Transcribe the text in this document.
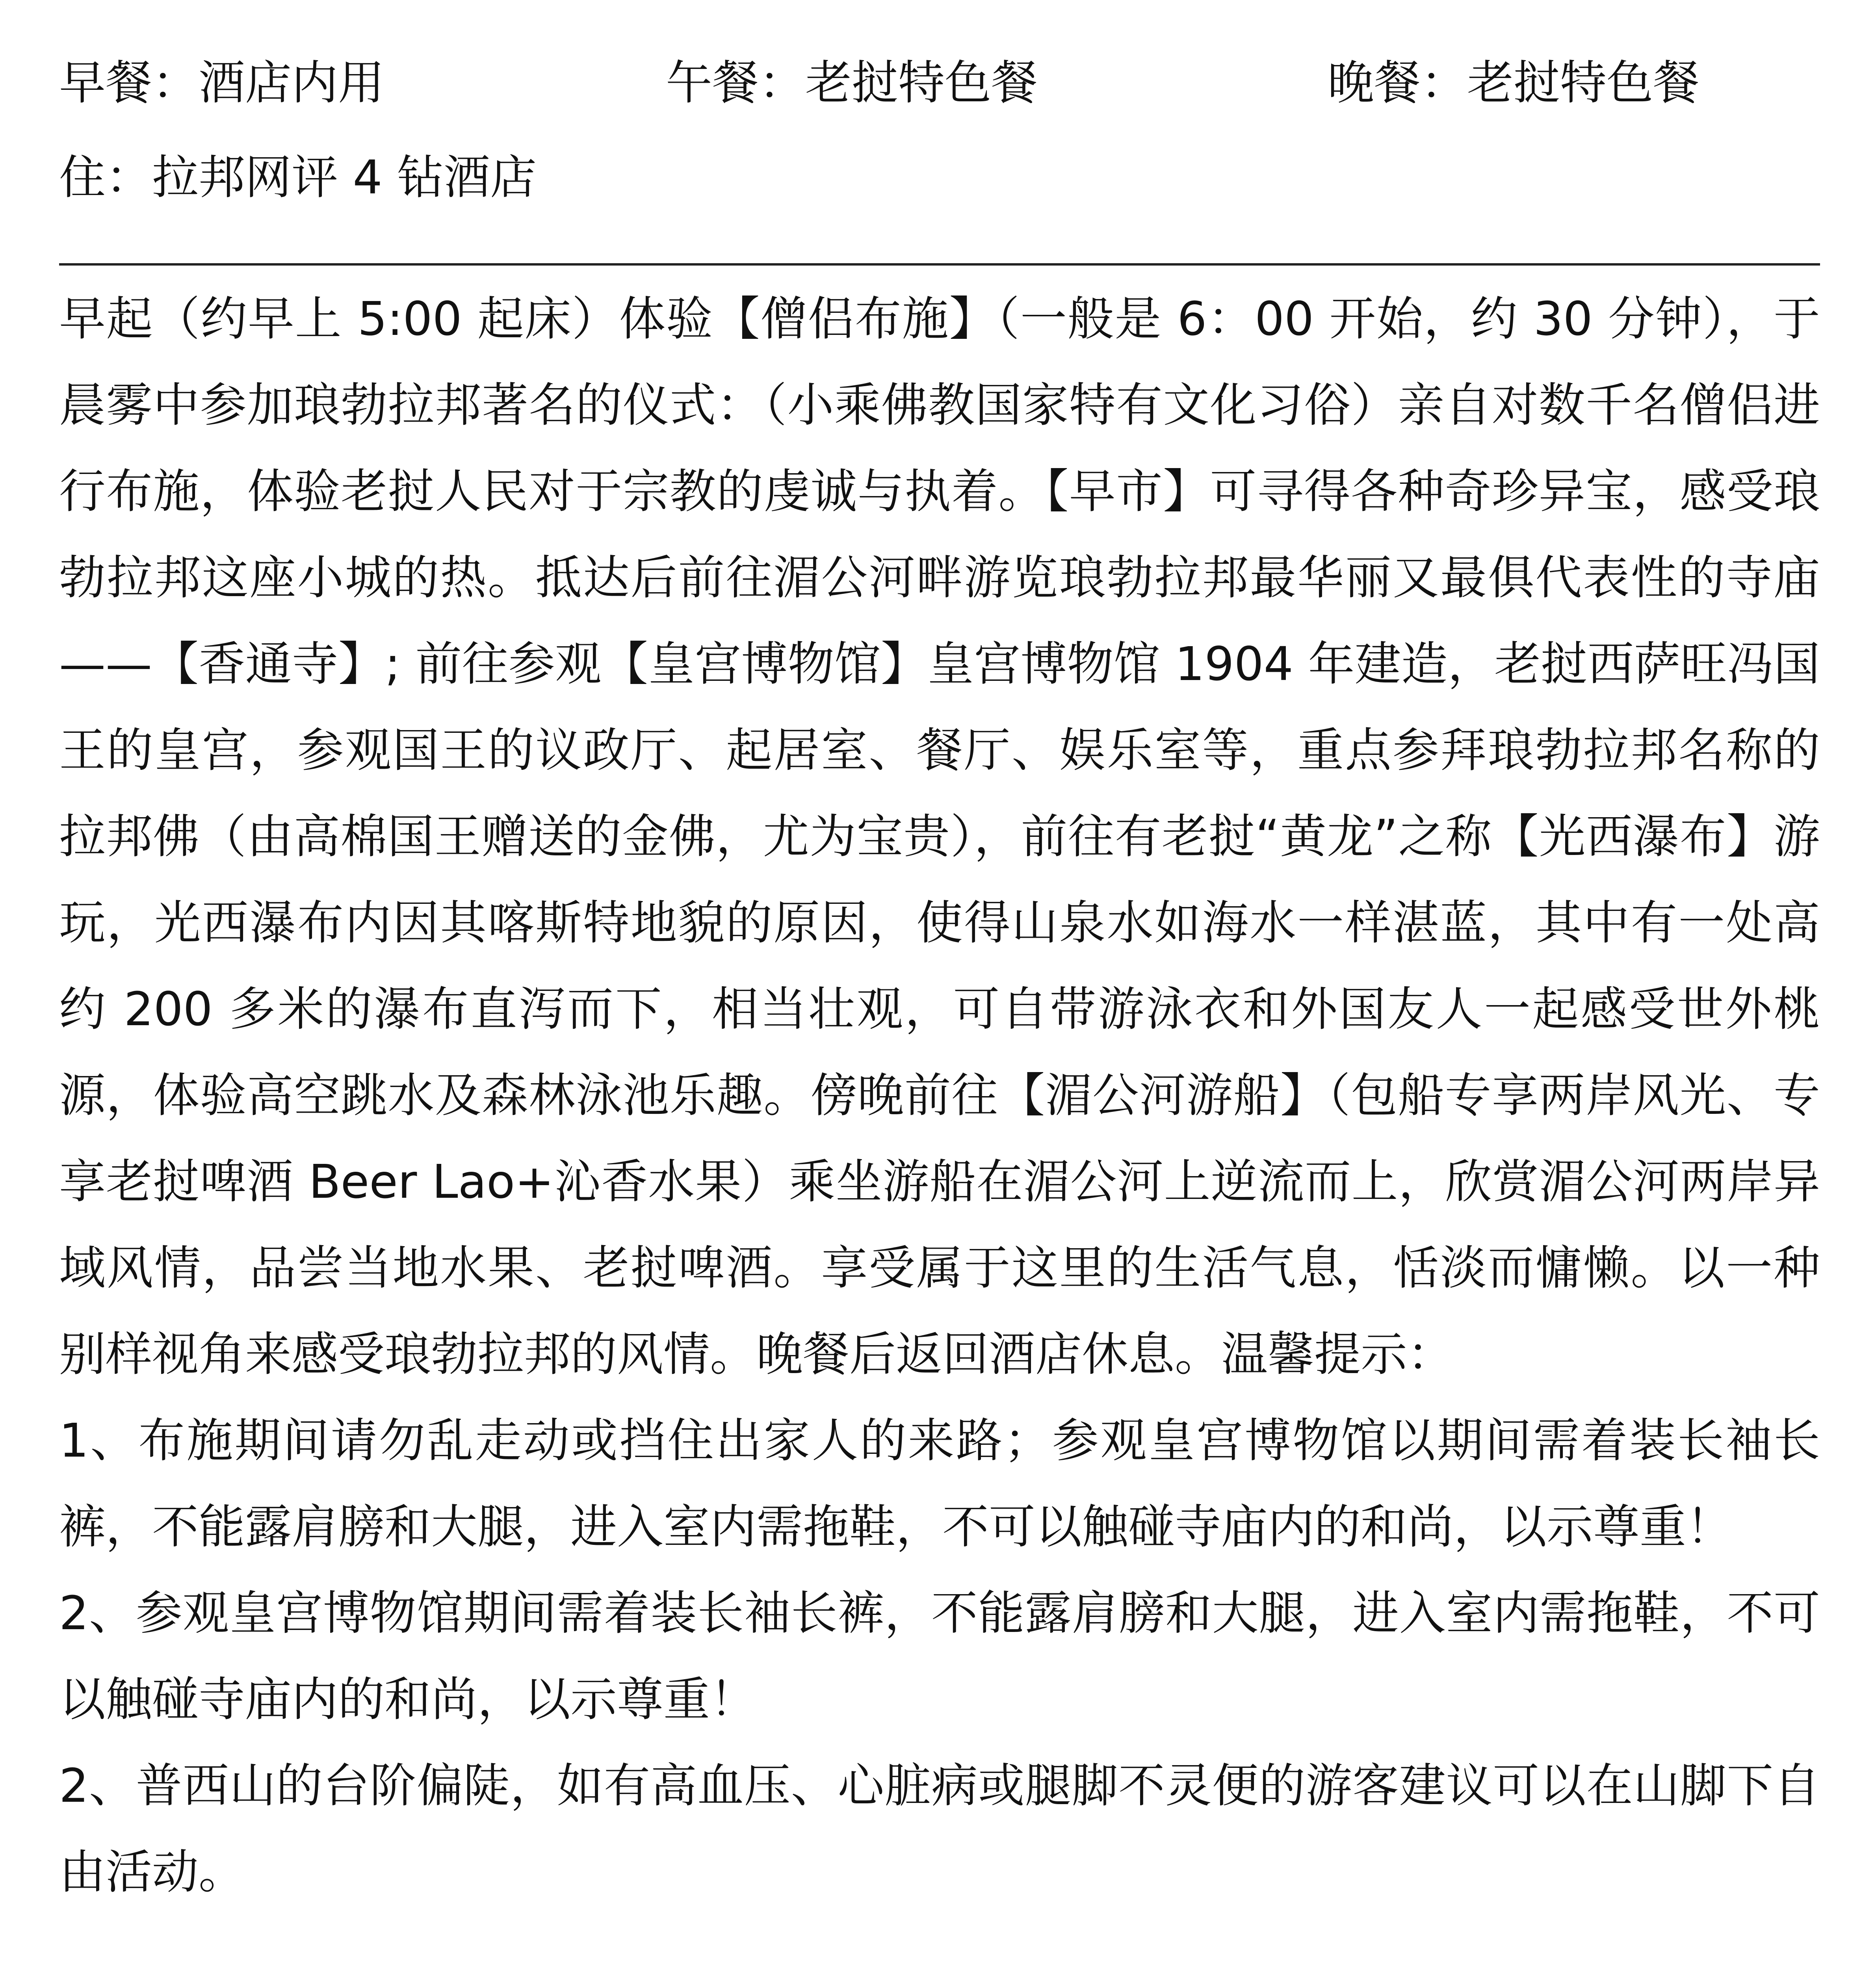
早餐：酒店内用	午餐：老挝特色餐	晚餐：老挝特色餐
住：拉邦网评 4 钻酒店

早起（约早上 5:00 起床）体验【僧侣布施】（一般是 6：00 开始，约 30 分钟），于晨雾中参加琅勃拉邦著名的仪式：（小乘佛教国家特有文化习俗）亲自对数千名僧侣进行布施，体验老挝人民对于宗教的虔诚与执着。【早市】可寻得各种奇珍异宝，感受琅勃拉邦这座小城的热。抵达后前往湄公河畔游览琅勃拉邦最华丽又最俱代表性的寺庙 ——【香通寺】; 前往参观【皇宫博物馆】皇宫博物馆 1904 年建造，老挝西萨旺冯国王的皇宫，参观国王的议政厅、起居室、餐厅、娱乐室等，重点参拜琅勃拉邦名称的拉邦佛（由高棉国王赠送的金佛，尤为宝贵），前往有老挝“黄龙”之称【光西瀑布】游玩，光西瀑布内因其喀斯特地貌的原因，使得山泉水如海水一样湛蓝，其中有一处高约 200 多米的瀑布直泻而下，相当壮观，可自带游泳衣和外国友人一起感受世外桃源，体验高空跳水及森林泳池乐趣。傍晚前往【湄公河游船】（包船专享两岸风光、专享老挝啤酒 Beer Lao+沁香水果）乘坐游船在湄公河上逆流而上，欣赏湄公河两岸异域风情，品尝当地水果、老挝啤酒。享受属于这里的生活气息，恬淡而慵懒。以一种别样视角来感受琅勃拉邦的风情。晚餐后返回酒店休息。温馨提示：

1、布施期间请勿乱走动或挡住出家人的来路；参观皇宫博物馆以期间需着装长袖长裤，不能露肩膀和大腿，进入室内需拖鞋，不可以触碰寺庙内的和尚，以示尊重！

2、参观皇宫博物馆期间需着装长袖长裤，不能露肩膀和大腿，进入室内需拖鞋，不可以触碰寺庙内的和尚，以示尊重！

2、普西山的台阶偏陡，如有高血压、心脏病或腿脚不灵便的游客建议可以在山脚下自由活动。
